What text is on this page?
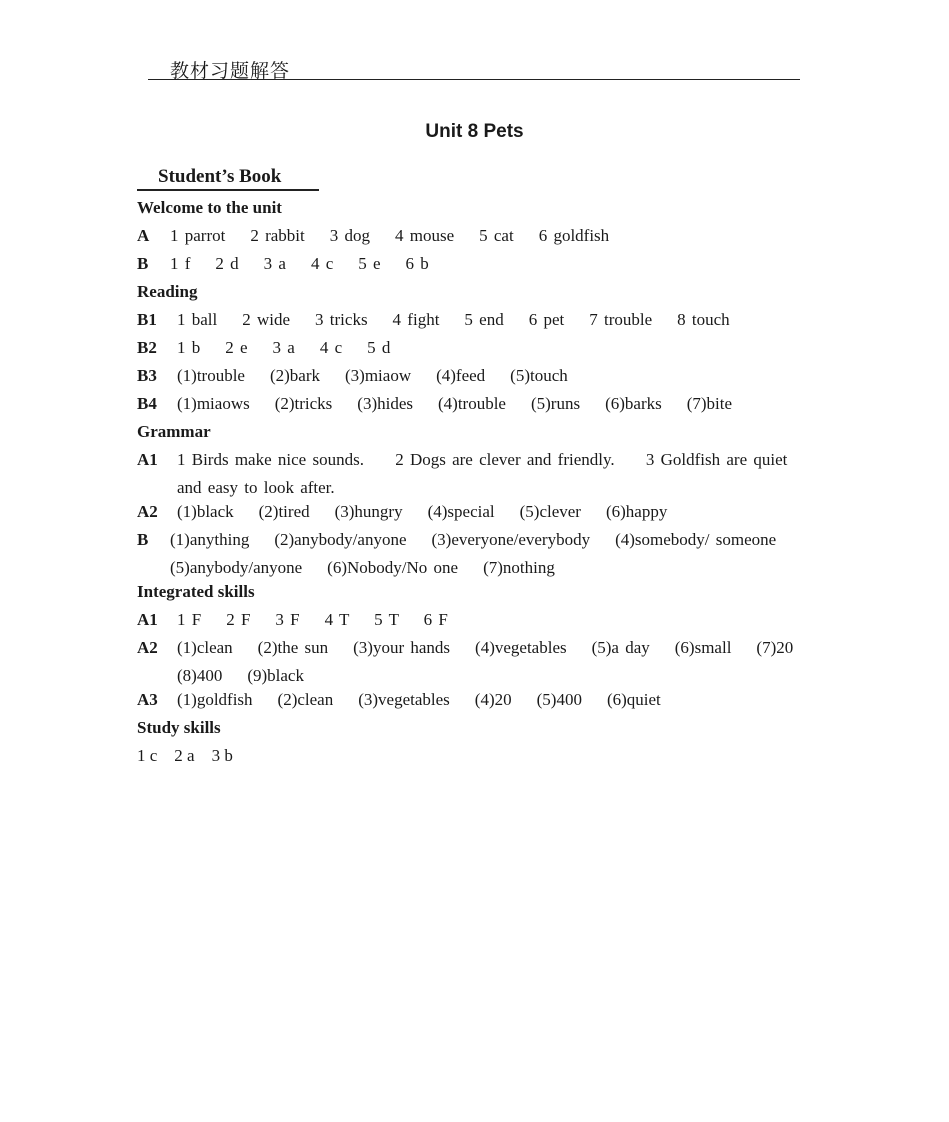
教材习题解答
Unit 8 Pets
Student’s Book
Welcome to the unit
A	1 parrot    2 rabbit    3 dog    4 mouse    5 cat    6 goldfish
B	1 f    2 d    3 a    4 c    5 e    6 b
Reading
B1	1 ball    2 wide    3 tricks    4 fight    5 end    6 pet    7 trouble    8 touch
B2	1 b    2 e    3 a    4 c    5 d
B3	(1)trouble    (2)bark    (3)miaow    (4)feed    (5)touch
B4	(1)miaows    (2)tricks    (3)hides    (4)trouble    (5)runs    (6)barks    (7)bite
Grammar
A1	1 Birds make nice sounds.     2 Dogs are clever and friendly.     3 Goldfish are quiet and easy to look after.
A2	(1)black    (2)tired    (3)hungry    (4)special    (5)clever    (6)happy
B	(1)anything    (2)anybody/anyone    (3)everyone/everybody    (4)somebody/ someone    (5)anybody/anyone    (6)Nobody/No one    (7)nothing
Integrated skills
A1	1 F    2 F    3 F    4 T    5 T    6 F
A2	(1)clean    (2)the sun    (3)your hands    (4)vegetables    (5)a day    (6)small    (7)20    (8)400    (9)black
A3	(1)goldfish    (2)clean    (3)vegetables    (4)20    (5)400    (6)quiet
Study skills
1 c    2 a    3 b
